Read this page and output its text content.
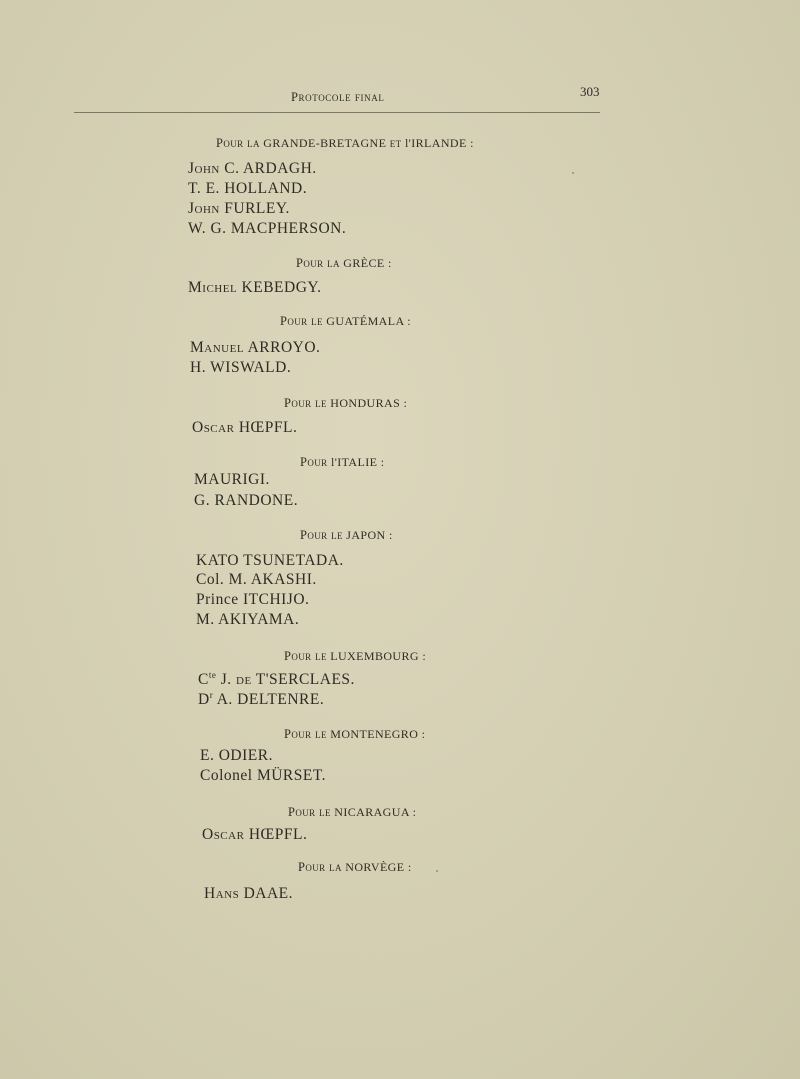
Protocole final	303
Pour la GRANDE-BRETAGNE et l'IRLANDE :
John C. ARDAGH.
T. E. HOLLAND.
John FURLEY.
W. G. MACPHERSON.
Pour la GRÈCE :
Michel KEBEDGY.
Pour le GUATÉMALA :
Manuel ARROYO.
H. WISWALD.
Pour le HONDURAS :
Oscar HŒPFL.
Pour l'ITALIE :
MAURIGI.
G. RANDONE.
Pour le JAPON :
KATO TSUNETADA.
Col. M. AKASHI.
Prince ITCHIJO.
M. AKIYAMA.
Pour le LUXEMBOURG :
$C^{te}$ J. de T'SERCLAES.
$D^r$ A. DELTENRE.
Pour le MONTENEGRO :
E. ODIER.
Colonel MÜRSET.
Pour le NICARAGUA :
Oscar HŒPFL.
Pour la NORVÈGE :
Hans DAAE.
